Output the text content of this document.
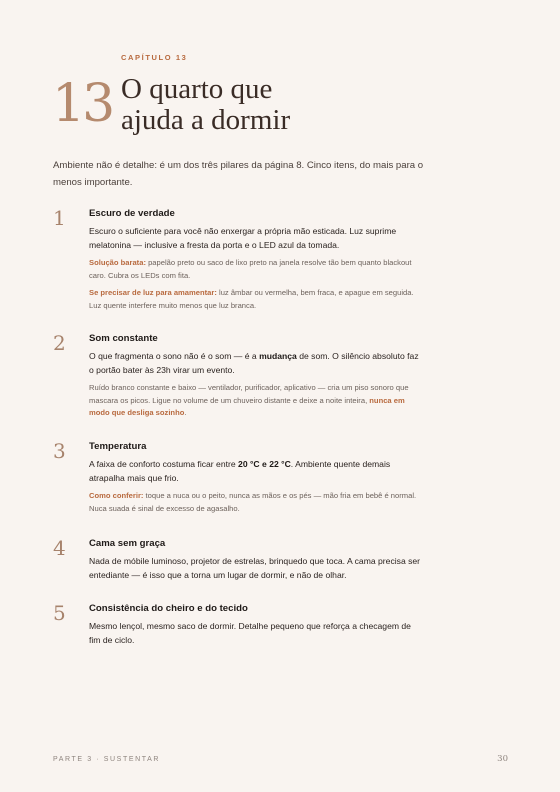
CAPÍTULO 13
13 O quarto que
ajuda a dormir

Ambiente não é detalhe: é um dos três pilares da página 8. Cinco itens, do mais para o menos importante.

1 Escuro de verdade

Escuro o suficiente para você não enxergar a própria mão esticada. Luz suprime melatonina — inclusive a fresta da porta e o LED azul da tomada.

Solução barata: papelão preto ou saco de lixo preto na janela resolve tão bem quanto blackout caro. Cubra os LEDs com fita.

Se precisar de luz para amamentar: luz âmbar ou vermelha, bem fraca, e apague em seguida. Luz quente interfere muito menos que luz branca.

2 Som constante

O que fragmenta o sono não é o som — é a mudança de som. O silêncio absoluto faz o portão bater às 23h virar um evento.

Ruído branco constante e baixo — ventilador, purificador, aplicativo — cria um piso sonoro que mascara os picos. Ligue no volume de um chuveiro distante e deixe a noite inteira, nunca em modo que desliga sozinho.

3 Temperatura

A faixa de conforto costuma ficar entre 20 °C e 22 °C. Ambiente quente demais atrapalha mais que frio.

Como conferir: toque a nuca ou o peito, nunca as mãos e os pés — mão fria em bebê é normal. Nuca suada é sinal de excesso de agasalho.

4 Cama sem graça

Nada de móbile luminoso, projetor de estrelas, brinquedo que toca. A cama precisa ser entediante — é isso que a torna um lugar de dormir, e não de olhar.

5 Consistência do cheiro e do tecido

Mesmo lençol, mesmo saco de dormir. Detalhe pequeno que reforça a checagem de fim de ciclo.

PARTE 3 · SUSTENTAR	30
